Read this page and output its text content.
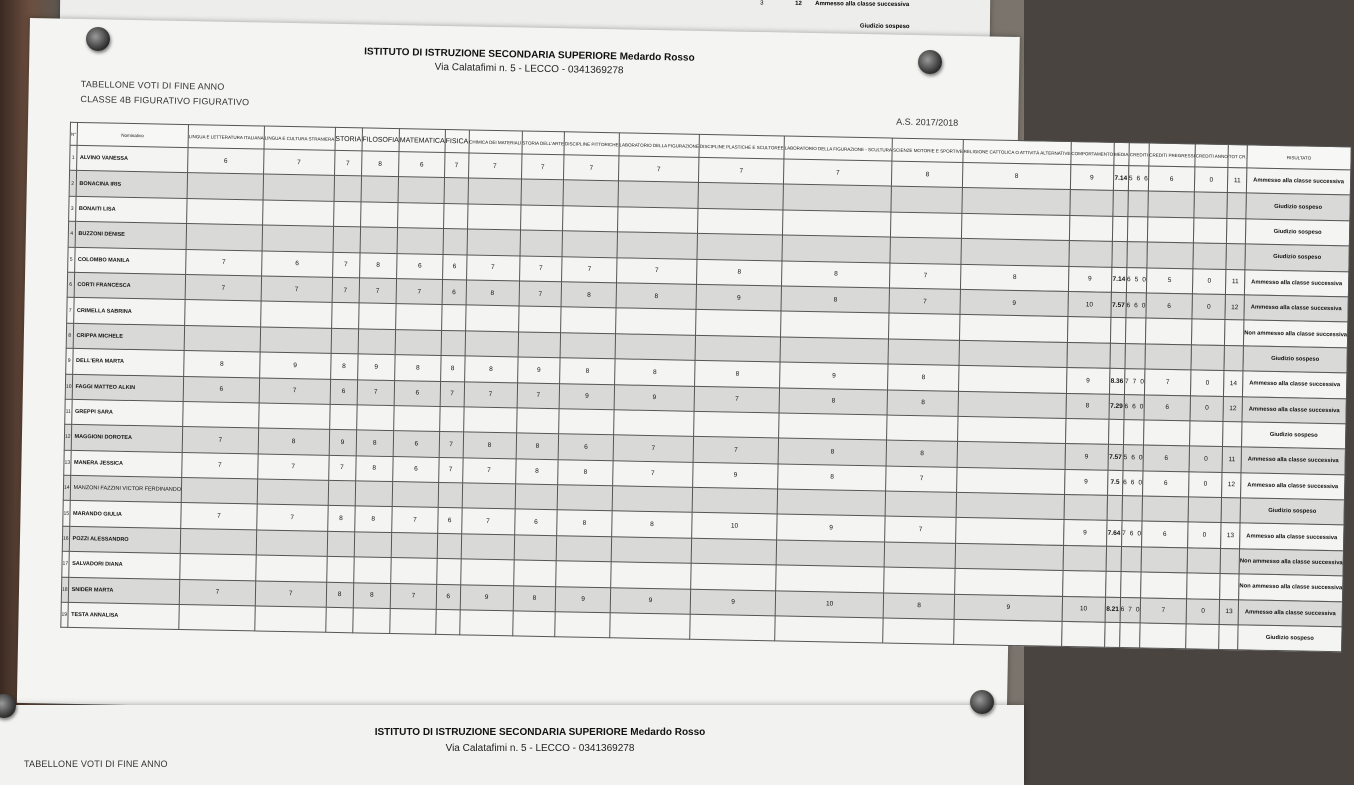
3	12 Ammesso alla classe successiva
Giudizio sospeso
ISTITUTO DI ISTRUZIONE SECONDARIA SUPERIORE Medardo Rosso
Via Calatafimi n. 5 - LECCO - 0341369278
TABELLONE VOTI DI FINE ANNO
CLASSE 4B FIGURATIVO FIGURATIVO
A.S. 2017/2018
N°	Nominativo	LINGUA E LETTERATURA ITALIANA	LINGUA E CULTURA STRANIERA	STORIA	FILOSOFIA	MATEMATICA	FISICA	CHIMICA DEI MATERIALI	STORIA DELL'ARTE	DISCIPLINE PITTORICHE	LABORATORIO DELLA FIGURAZIONE	DISCIPLINE PLASTICHE E SCULTOREE	LABORATORIO DELLA FIGURAZIONE - SCULTURA	SCIENZE MOTORIE E SPORTIVE	RELIGIONE CATTOLICA O ATTIVITÀ ALTERNATIVE	COMPORTAMENTO	MEDIA	CREDITI	CREDITI PREGRESSI	CREDITI ANNO	TOT CR.	RISULTATO
1	ALVINO VANESSA	6	7	7	8	6	7	7	7	7	7	7	7	8	8	9	7.14	5 6 6	6	0	11	Ammesso alla classe successiva
2	BONACINA IRIS																					Giudizio sospeso
3	BONAITI LISA																					Giudizio sospeso
4	BUZZONI DENISE																					Giudizio sospeso
5	COLOMBO MANILA	7	6	7	8	6	6	7	7	7	7	8	8	7	8	9	7.14	6 5 0	5	0	11	Ammesso alla classe successiva
6	CORTI FRANCESCA	7	7	7	7	7	6	8	7	8	8	9	8	7	9	10	7.57	6 6 0	6	0	12	Ammesso alla classe successiva
7	CRIMELLA SABRINA																					Non ammesso alla classe successiva
8	CRIPPA MICHELE																					Giudizio sospeso
9	DELL'ERA MARTA	8	9	8	9	8	8	8	9	8	8	8	9	8		9	8.36	7 7 0	7	0	14	Ammesso alla classe successiva
10	FAGGI MATTEO ALKIN	6	7	6	7	6	7	7	7	9	9	7	8	8		8	7.29	6 6 0	6	0	12	Ammesso alla classe successiva
11	GREPPI SARA																					Giudizio sospeso
12	MAGGIONI DOROTEA	7	8	9	8	6	7	8	8	6	7	7	8	8		9	7.57	5 6 0	6	0	11	Ammesso alla classe successiva
13	MANERA JESSICA	7	7	7	8	6	7	7	8	8	7	9	8	7		9	7.5	6 6 0	6	0	12	Ammesso alla classe successiva
14	MANZONI FAZZINI VICTOR FERDINANDO																					Giudizio sospeso
15	MARANDO GIULIA	7	7	8	8	7	6	7	6	8	8	10	9	7		9	7.64	7 6 0	6	0	13	Ammesso alla classe successiva
16	POZZI ALESSANDRO																					Non ammesso alla classe successiva
17	SALVADORI DIANA																					Non ammesso alla classe successiva
18	SNIDER MARTA	7	7	8	8	7	6	9	8	9	9	9	10	8	9	10	8.21	6 7 0	7	0	13	Ammesso alla classe successiva
19	TESTA ANNALISA																					Giudizio sospeso
ISTITUTO DI ISTRUZIONE SECONDARIA SUPERIORE Medardo Rosso
Via Calatafimi n. 5 - LECCO - 0341369278
TABELLONE VOTI DI FINE ANNO
